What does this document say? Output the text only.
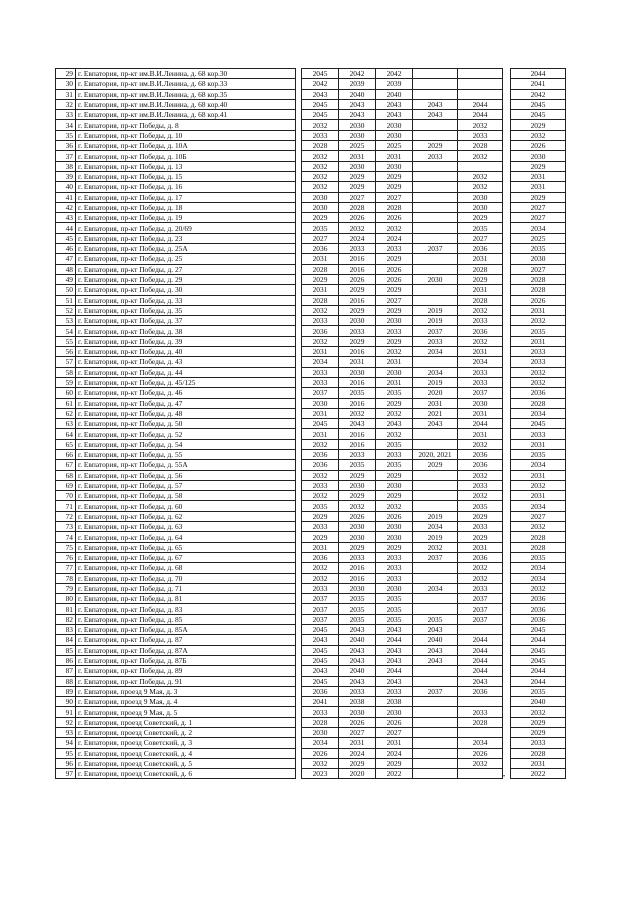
29	г. Евпатория, пр-кт им.В.И.Ленина, д. 68 кор.30		2045	2042	2042				2044
30	г. Евпатория, пр-кт им.В.И.Ленина, д. 68 кор.33		2042	2039	2039				2041
31	г. Евпатория, пр-кт им.В.И.Ленина, д. 68 кор.35		2043	2040	2040				2042
32	г. Евпатория, пр-кт им.В.И.Ленина, д. 68 кор.40		2045	2043	2043	2043	2044		2045
33	г. Евпатория, пр-кт им.В.И.Ленина, д. 68 кор.41		2045	2043	2043	2043	2044		2045
34	г. Евпатория, пр-кт Победы, д. 8		2032	2030	2030		2032		2029
35	г. Евпатория, пр-кт Победы, д. 10		2033	2030	2030		2033		2032
36	г. Евпатория, пр-кт Победы, д. 10А		2028	2025	2025	2029	2028		2026
37	г. Евпатория, пр-кт Победы, д. 10Б		2032	2031	2031	2033	2032		2030
38	г. Евпатория, пр-кт Победы, д. 13		2032	2030	2030				2029
39	г. Евпатория, пр-кт Победы, д. 15		2032	2029	2029		2032		2031
40	г. Евпатория, пр-кт Победы, д. 16		2032	2029	2029		2032		2031
41	г. Евпатория, пр-кт Победы, д. 17		2030	2027	2027		2030		2029
42	г. Евпатория, пр-кт Победы, д. 18		2030	2028	2028		2030		2027
43	г. Евпатория, пр-кт Победы, д. 19		2029	2026	2026		2029		2027
44	г. Евпатория, пр-кт Победы, д. 20/69		2035	2032	2032		2035		2034
45	г. Евпатория, пр-кт Победы, д. 23		2027	2024	2024		2027		2025
46	г. Евпатория, пр-кт Победы, д. 25А		2036	2033	2033	2037	2036		2035
47	г. Евпатория, пр-кт Победы, д. 25		2031	2016	2029		2031		2030
48	г. Евпатория, пр-кт Победы, д. 27		2028	2016	2026		2028		2027
49	г. Евпатория, пр-кт Победы, д. 29		2029	2026	2026	2030	2029		2028
50	г. Евпатория, пр-кт Победы, д. 30		2031	2029	2029		2031		2028
51	г. Евпатория, пр-кт Победы, д. 33		2028	2016	2027		2028		2026
52	г. Евпатория, пр-кт Победы, д. 35		2032	2029	2029	2019	2032		2031
53	г. Евпатория, пр-кт Победы, д. 37		2033	2030	2030	2019	2033		2032
54	г. Евпатория, пр-кт Победы, д. 38		2036	2033	2033	2037	2036		2035
55	г. Евпатория, пр-кт Победы, д. 39		2032	2029	2029	2033	2032		2031
56	г. Евпатория, пр-кт Победы, д. 40		2031	2016	2032	2034	2031		2033
57	г. Евпатория, пр-кт Победы, д. 43		2034	2031	2031		2034		2033
58	г. Евпатория, пр-кт Победы, д. 44		2033	2030	2030	2034	2033		2032
59	г. Евпатория, пр-кт Победы, д. 45/125		2033	2016	2031	2019	2033		2032
60	г. Евпатория, пр-кт Победы, д. 46		2037	2035	2035	2020	2037		2036
61	г. Евпатория, пр-кт Победы, д. 47		2030	2016	2029	2031	2030		2028
62	г. Евпатория, пр-кт Победы, д. 48		2031	2032	2032	2021	2031		2034
63	г. Евпатория, пр-кт Победы, д. 50		2045	2043	2043	2043	2044		2045
64	г. Евпатория, пр-кт Победы, д. 52		2031	2016	2032		2031		2033
65	г. Евпатория, пр-кт Победы, д. 54		2032	2016	2035		2032		2031
66	г. Евпатория, пр-кт Победы, д. 55		2036	2033	2033	2020, 2021	2036		2035
67	г. Евпатория, пр-кт Победы, д. 55А		2036	2035	2035	2029	2036		2034
68	г. Евпатория, пр-кт Победы, д. 56		2032	2029	2029		2032		2031
69	г. Евпатория, пр-кт Победы, д. 57		2033	2030	2030		2033		2032
70	г. Евпатория, пр-кт Победы, д. 58		2032	2029	2029		2032		2031
71	г. Евпатория, пр-кт Победы, д. 60		2035	2032	2032		2035		2034
72	г. Евпатория, пр-кт Победы, д. 62		2029	2026	2026	2019	2029		2027
73	г. Евпатория, пр-кт Победы, д. 63		2033	2030	2030	2034	2033		2032
74	г. Евпатория, пр-кт Победы, д. 64		2029	2030	2030	2019	2029		2028
75	г. Евпатория, пр-кт Победы, д. 65		2031	2029	2029	2032	2031		2028
76	г. Евпатория, пр-кт Победы, д. 67		2036	2033	2033	2037	2036		2035
77	г. Евпатория, пр-кт Победы, д. 68		2032	2016	2033		2032		2034
78	г. Евпатория, пр-кт Победы, д. 70		2032	2016	2033		2032		2034
79	г. Евпатория, пр-кт Победы, д. 71		2033	2030	2030	2034	2033		2032
80	г. Евпатория, пр-кт Победы, д. 81		2037	2035	2035		2037		2036
81	г. Евпатория, пр-кт Победы, д. 83		2037	2035	2035		2037		2036
82	г. Евпатория, пр-кт Победы, д. 85		2037	2035	2035	2035	2037		2036
83	г. Евпатория, пр-кт Победы, д. 85А		2045	2043	2043	2043			2045
84	г. Евпатория, пр-кт Победы, д. 87		2043	2040	2044	2040	2044		2044
85	г. Евпатория, пр-кт Победы, д. 87А		2045	2043	2043	2043	2044		2045
86	г. Евпатория, пр-кт Победы, д. 87Б		2045	2043	2043	2043	2044		2045
87	г. Евпатория, пр-кт Победы, д. 89		2043	2040	2044		2044		2044
88	г. Евпатория, пр-кт Победы, д. 91		2045	2043	2043		2043		2044
89	г. Евпатория, проезд 9 Мая, д. 3		2036	2033	2033	2037	2036		2035
90	г. Евпатория, проезд 9 Мая, д. 4		2041	2038	2038				2040
91	г. Евпатория, проезд 9 Мая, д. 5		2033	2030	2030		2033		2032
92	г. Евпатория, проезд Советский, д. 1		2028	2026	2026		2028		2029
93	г. Евпатория, проезд Советский, д. 2		2030	2027	2027				2029
94	г. Евпатория, проезд Советский, д. 3		2034	2031	2031		2034		2033
95	г. Евпатория, проезд Советский, д. 4		2026	2024	2024		2026		2028
96	г. Евпатория, проезд Советский, д. 5		2032	2029	2029		2032		2031
97	г. Евпатория, проезд Советский, д. 6		2023	2020	2022				2022
•
